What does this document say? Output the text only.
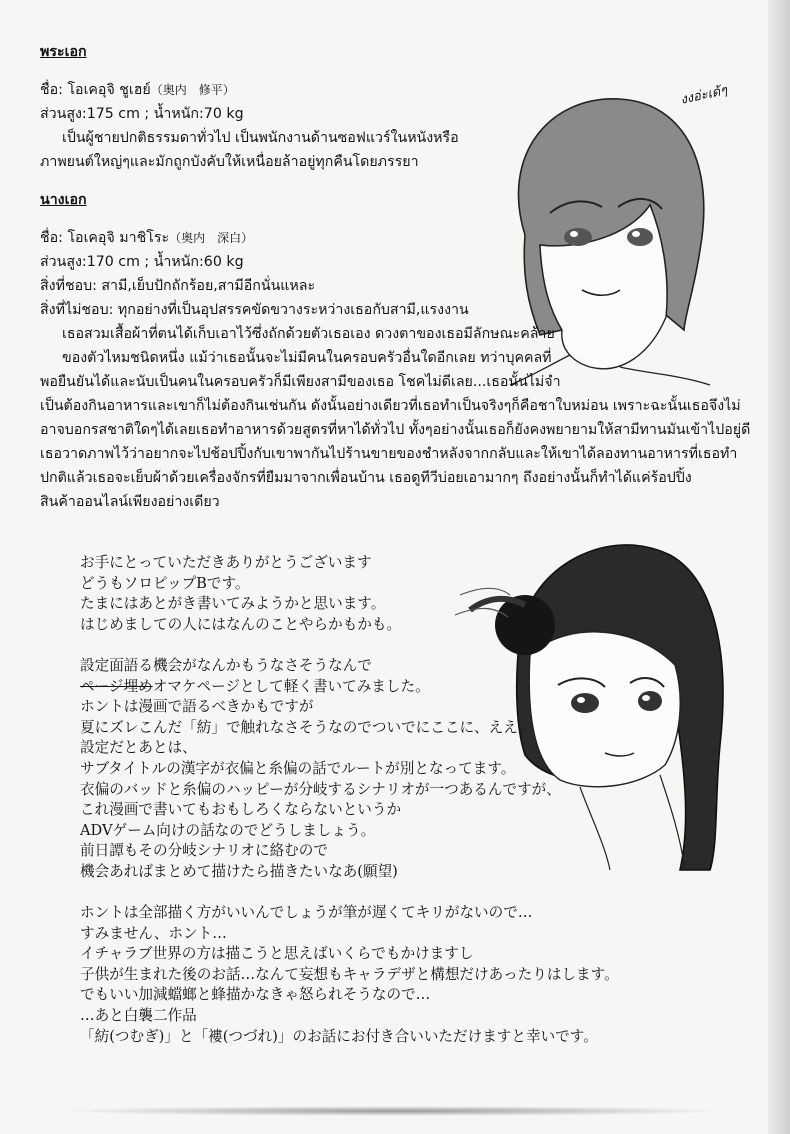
งงอ่ะเด้ๆ

พระเอก

ชื่อ: โอเคอุจิ ชูเฮย์（奥内　修平）

ส่วนสูง:175 cm ; น้ำหนัก:70 kg

เป็นผู้ชายปกติธรรมดาทั่วไป เป็นพนักงานด้านซอฟแวร์ในหนังหรือ

ภาพยนต์ใหญ่ๆและมักถูกบังคับให้เหนื่อยล้าอยู่ทุกคืนโดยภรรยา

นางเอก

ชื่อ: โอเคอุจิ มาชิโระ（奥内　深白）

ส่วนสูง:170 cm ; น้ำหนัก:60 kg

สิ่งที่ชอบ: สามี,เย็บปักถักร้อย,สามีอีกนั่นแหละ

สิ่งที่ไม่ชอบ: ทุกอย่างที่เป็นอุปสรรคขัดขวางระหว่างเธอกับสามี,แรงงาน

เธอสวมเสื้อผ้าที่ตนได้เก็บเอาไว้ซึ่งถักด้วยตัวเธอเอง ดวงตาของเธอมีลักษณะคล้าย

ของตัวไหมชนิดหนึ่ง แม้ว่าเธอนั้นจะไม่มีคนในครอบครัวอื่นใดอีกเลย ทว่าบุคคลที่

พอยืนยันได้และนับเป็นคนในครอบครัวก็มีเพียงสามีของเธอ โชคไม่ดีเลย...เธอนั้นไม่จำ

เป็นต้องกินอาหารและเขาก็ไม่ต้องกินเช่นกัน ดังนั้นอย่างเดียวที่เธอทำเป็นจริงๆก็คือชาใบหม่อน เพราะฉะนั้นเธอจึงไม่

อาจบอกรสชาติใดๆได้เลยเธอทำอาหารด้วยสูตรที่หาได้ทั่วไป ทั้งๆอย่างนั้นเธอก็ยังคงพยายามให้สามีทานมันเข้าไปอยู่ดี

เธอวาดภาพไว้ว่าอยากจะไปช้อปปิ้งกับเขาพากันไปร้านขายของชำหลังจากกลับและให้เขาได้ลองทานอาหารที่เธอทำ

ปกติแล้วเธอจะเย็บผ้าด้วยเครื่องจักรที่ยืมมาจากเพื่อนบ้าน เธอดูทีวีบ่อยเอามากๆ ถึงอย่างนั้นก็ทำได้แค่ร้อปปิ้ง

สินค้าออนไลน์เพียงอย่างเดียว

お手にとっていただきありがとうございます

どうもソロピップBです。

たまにはあとがき書いてみようかと思います。

はじめましての人にはなんのことやらかもかも。

設定面語る機会がなんかもうなさそうなんで

ページ埋めオマケページとして軽く書いてみました。

ホントは漫画で語るべきかもですが

夏にズレこんだ「紡」で触れなさそうなのでついでにここに、ええ。

設定だとあとは、

サブタイトルの漢字が衣偏と糸偏の話でルートが別となってます。

衣偏のバッドと糸偏のハッピーが分岐するシナリオが一つあるんですが、

これ漫画で書いてもおもしろくならないというか

ADVゲーム向けの話なのでどうしましょう。

前日譚もその分岐シナリオに絡むので

機会あればまとめて描けたら描きたいなあ(願望)

ホントは全部描く方がいいんでしょうが筆が遅くてキリがないので…

すみません、ホント…

イチャラブ世界の方は描こうと思えばいくらでもかけますし

子供が生まれた後のお話…なんて妄想もキャラデザと構想だけあったりはします。

でもいい加減蟷螂と蜂描かなきゃ怒られそうなので…

…あと白襲二作品

「紡(つむぎ)」と「褸(つづれ)」のお話にお付き合いいただけますと幸いです。
